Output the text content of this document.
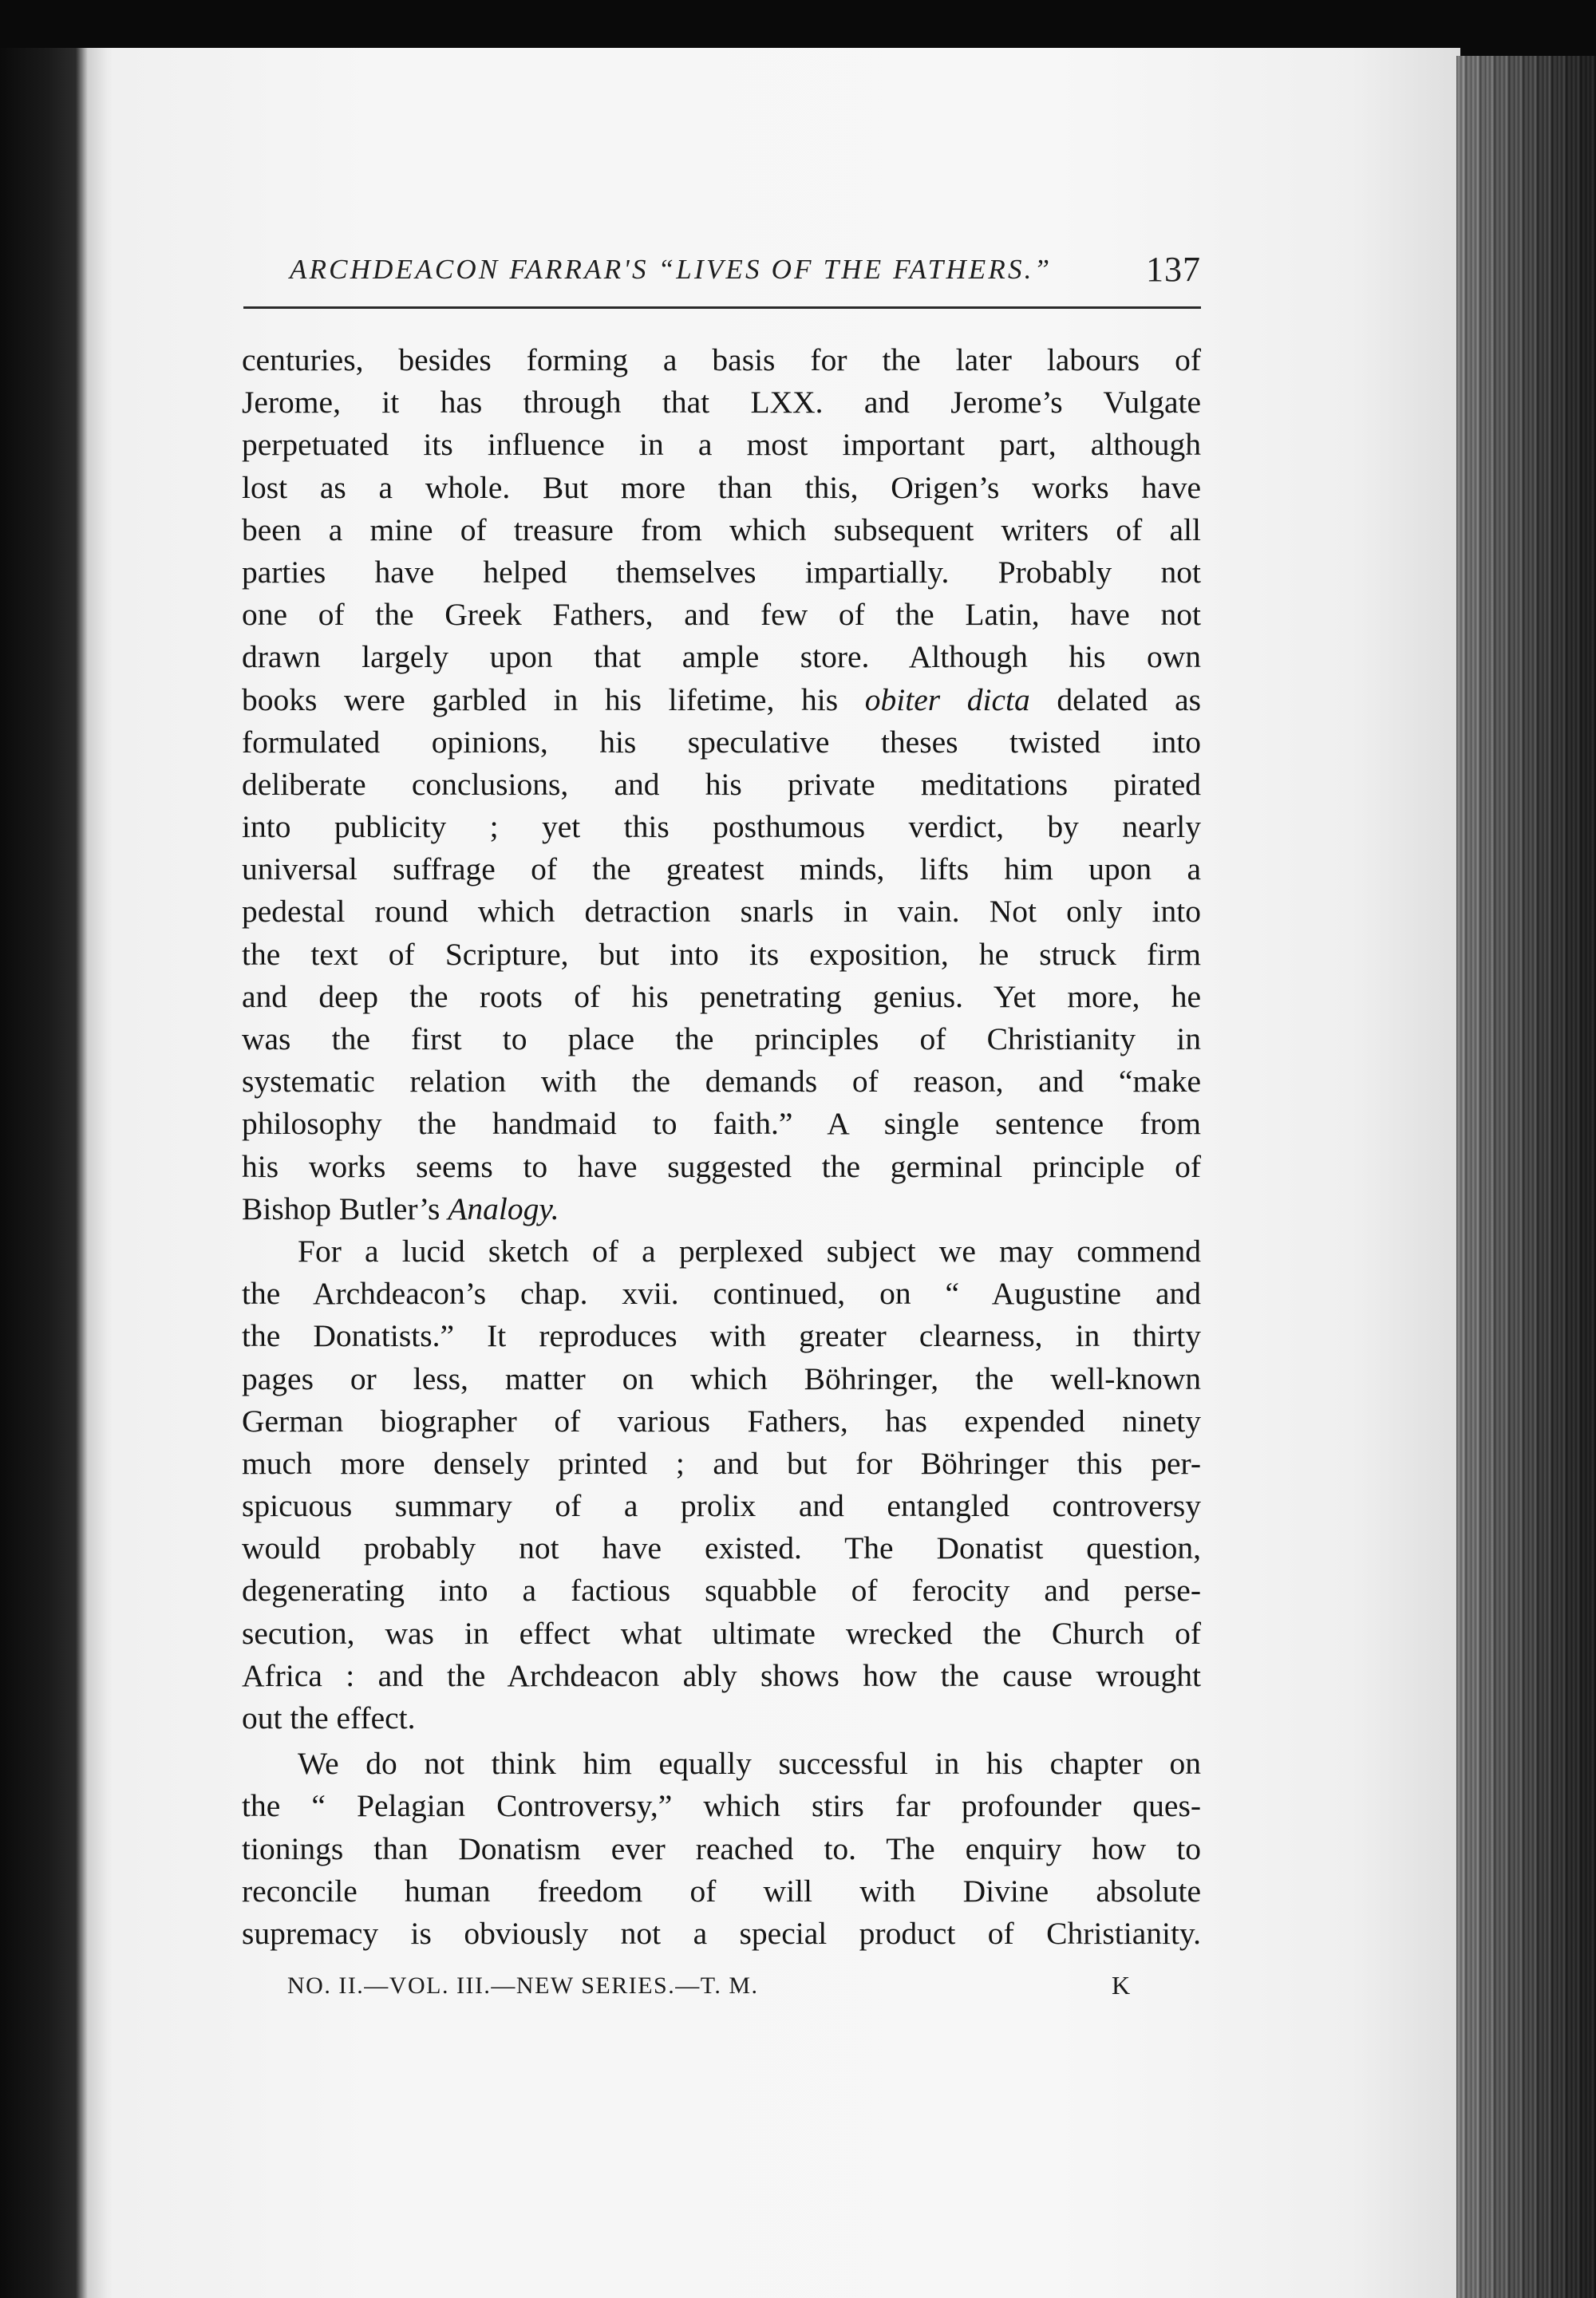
ARCHDEACON FARRAR'S “LIVES OF THE FATHERS.”	137
centuries, besides forming a basis for the later labours of
Jerome, it has through that LXX. and Jerome’s Vulgate
perpetuated its influence in a most important part, although
lost as a whole. But more than this, Origen’s works have
been a mine of treasure from which subsequent writers of all
parties have helped themselves impartially. Probably not
one of the Greek Fathers, and few of the Latin, have not
drawn largely upon that ample store. Although his own
books were garbled in his lifetime, his obiter dicta delated as
formulated opinions, his speculative theses twisted into
deliberate conclusions, and his private meditations pirated
into publicity ; yet this posthumous verdict, by nearly
universal suffrage of the greatest minds, lifts him upon a
pedestal round which detraction snarls in vain. Not only into
the text of Scripture, but into its exposition, he struck firm
and deep the roots of his penetrating genius. Yet more, he
was the first to place the principles of Christianity in
systematic relation with the demands of reason, and “make
philosophy the handmaid to faith.” A single sentence from
his works seems to have suggested the germinal principle of
Bishop Butler’s Analogy.
For a lucid sketch of a perplexed subject we may commend
the Archdeacon’s chap. xvii. continued, on “ Augustine and
the Donatists.” It reproduces with greater clearness, in thirty
pages or less, matter on which Böhringer, the well-known
German biographer of various Fathers, has expended ninety
much more densely printed ; and but for Böhringer this per-
spicuous summary of a prolix and entangled controversy
would probably not have existed. The Donatist question,
degenerating into a factious squabble of ferocity and perse-
secution, was in effect what ultimate wrecked the Church of
Africa : and the Archdeacon ably shows how the cause wrought
out the effect.
We do not think him equally successful in his chapter on
the “ Pelagian Controversy,” which stirs far profounder ques-
tionings than Donatism ever reached to. The enquiry how to
reconcile human freedom of will with Divine absolute
supremacy is obviously not a special product of Christianity.
NO. II.—VOL. III.—NEW SERIES.—T. M.	K
